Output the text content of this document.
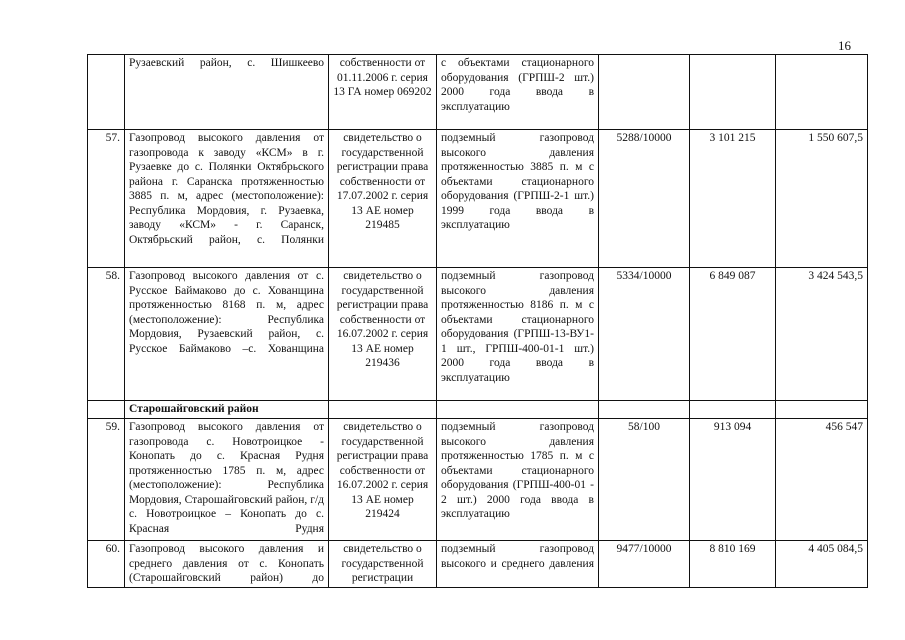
16
	Рузаевский район, с. Шишкеево	собственности от 01.11.2006 г. серия 13 ГА номер 069202	с объектами стационарного оборудования (ГРПШ-2 шт.) 2000 года ввода в эксплуатацию			
57.	Газопровод высокого давления от газопровода к заводу «КСМ» в г. Рузаевке до с. Полянки Октябрьского района г. Саранска протяженностью 3885 п. м, адрес (местоположение): Республика Мордовия, г. Рузаевка, заводу «КСМ» - г. Саранск, Октябрьский район, с. Полянки	свидетельство о государственной регистрации права собственности от 17.07.2002 г. серия 13 АЕ номер 219485	подземный газопровод высокого давления протяженностью 3885 п. м с объектами стационарного оборудования (ГРПШ-2-1 шт.) 1999 года ввода в эксплуатацию	5288/10000	3 101 215	1 550 607,5
58.	Газопровод высокого давления от с. Русское Баймаково до с. Хованщина протяженностью 8168 п. м, адрес (местоположение): Республика Мордовия, Рузаевский район, с. Русское Баймаково –с. Хованщина	свидетельство о государственной регистрации права собственности от 16.07.2002 г. серия 13 АЕ номер 219436	подземный газопровод высокого давления протяженностью 8186 п. м с объектами стационарного оборудования (ГРПШ-13-ВУ1-1 шт., ГРПШ-400-01-1 шт.) 2000 года ввода в эксплуатацию	5334/10000	6 849 087	3 424 543,5
	Старошайговский район					
59.	Газопровод высокого давления от газопровода с. Новотроицкое - Конопать до с. Красная Рудня протяженностью 1785 п. м, адрес (местоположение): Республика Мордовия, Старошайговский район, г/д с. Новотроицкое – Конопать до с. Красная Рудня	свидетельство о государственной регистрации права собственности от 16.07.2002 г. серия 13 АЕ номер 219424	подземный газопровод высокого давления протяженностью 1785 п. м с объектами стационарного оборудования (ГРПШ-400-01 - 2 шт.) 2000 года ввода в эксплуатацию	58/100	913 094	456 547
60.	Газопровод высокого давления и среднего давления от с. Конопать (Старошайговский район) до	свидетельство о государственной регистрации	подземный газопровод высокого и среднего давления	9477/10000	8 810 169	4 405 084,5
